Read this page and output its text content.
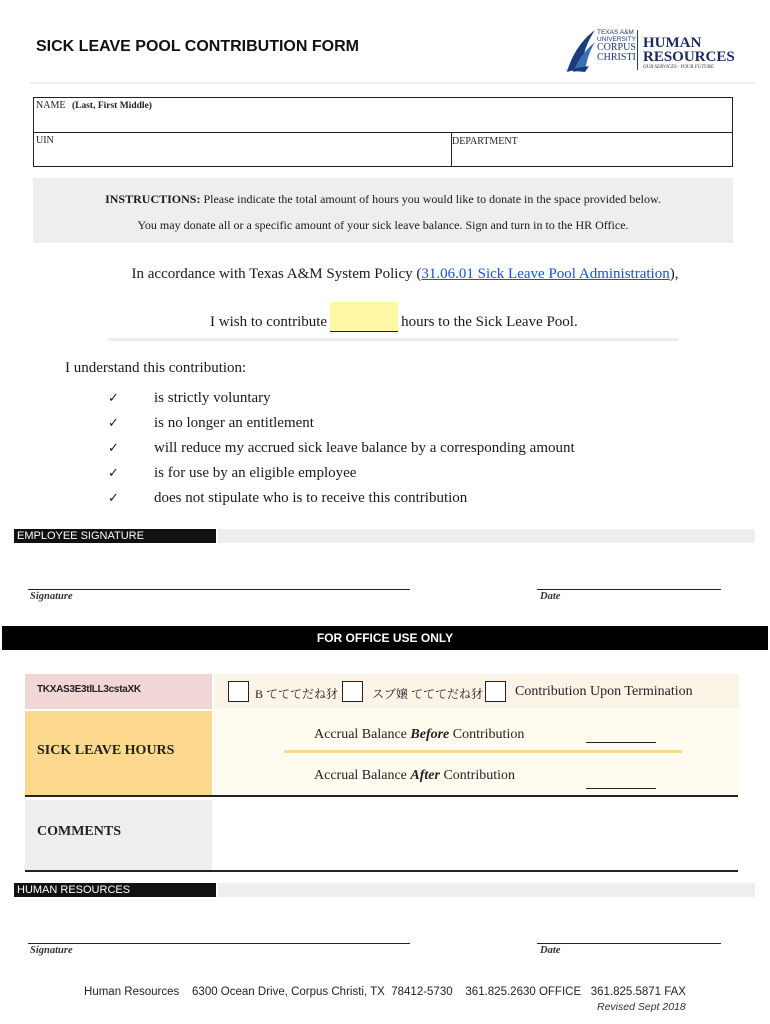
SICK LEAVE POOL CONTRIBUTION FORM
TEXAS A&M
UNIVERSITY
CORPUS
CHRISTI
HUMAN
RESOURCES
OUR SERVICES · YOUR FUTURE
NAME (Last, First Middle)
UIN	DEPARTMENT
INSTRUCTIONS: Please indicate the total amount of hours you would like to donate in the space provided below.
You may donate all or a specific amount of your sick leave balance. Sign and turn in to the HR Office.
In accordance with Texas A&M System Policy (31.06.01 Sick Leave Pool Administration),
I wish to contribute	hours to the Sick Leave Pool.
I understand this contribution:
✓ is strictly voluntary
✓ is no longer an entitlement
✓ will reduce my accrued sick leave balance by a corresponding amount
✓ is for use by an eligible employee
✓ does not stipulate who is to receive this contribution
EMPLOYEE SIGNATURE
Signature	Date
FOR OFFICE USE ONLY
TKXAS3E3tlLL3cstaXK	B てててだね犲	スブ嬢 てててだね犲 Contribution Upon Termination
SICK LEAVE HOURS
Accrual Balance Before Contribution
Accrual Balance After Contribution
COMMENTS
HUMAN RESOURCES
Signature	Date
Human Resources    6300 Ocean Drive, Corpus Christi, TX  78412-5730    361.825.2630 OFFICE   361.825.5871 FAX
Revised Sept 2018
